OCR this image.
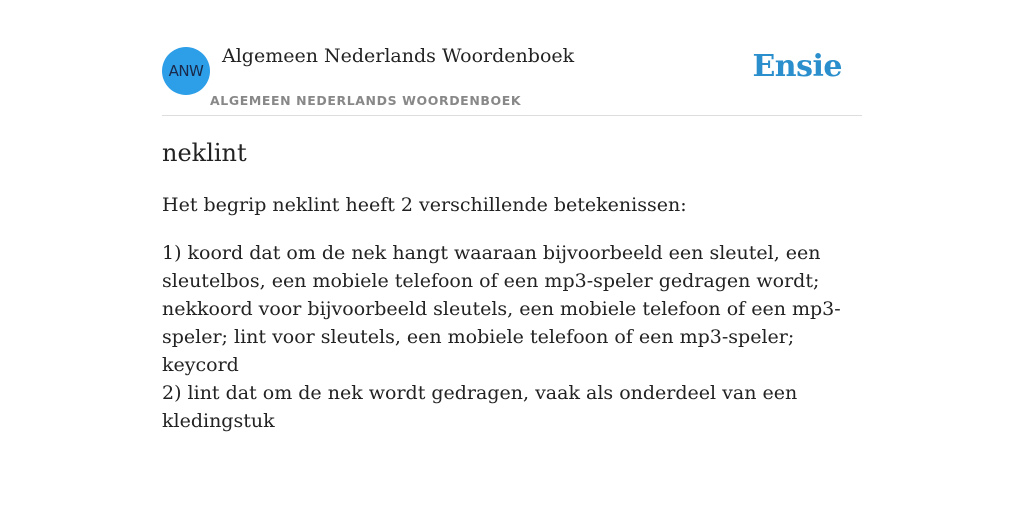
ANW
Algemeen Nederlands Woordenboek
ALGEMEEN NEDERLANDS WOORDENBOEK
Ensie
neklint
Het begrip neklint heeft 2 verschillende betekenissen:

1) koord dat om de nek hangt waaraan bijvoorbeeld een sleutel, een sleutelbos, een mobiele telefoon of een mp3-speler gedragen wordt; nekkoord voor bijvoorbeeld sleutels, een mobiele telefoon of een mp3-speler; lint voor sleutels, een mobiele telefoon of een mp3-speler; keycord

2) lint dat om de nek wordt gedragen, vaak als onderdeel van een kledingstuk
